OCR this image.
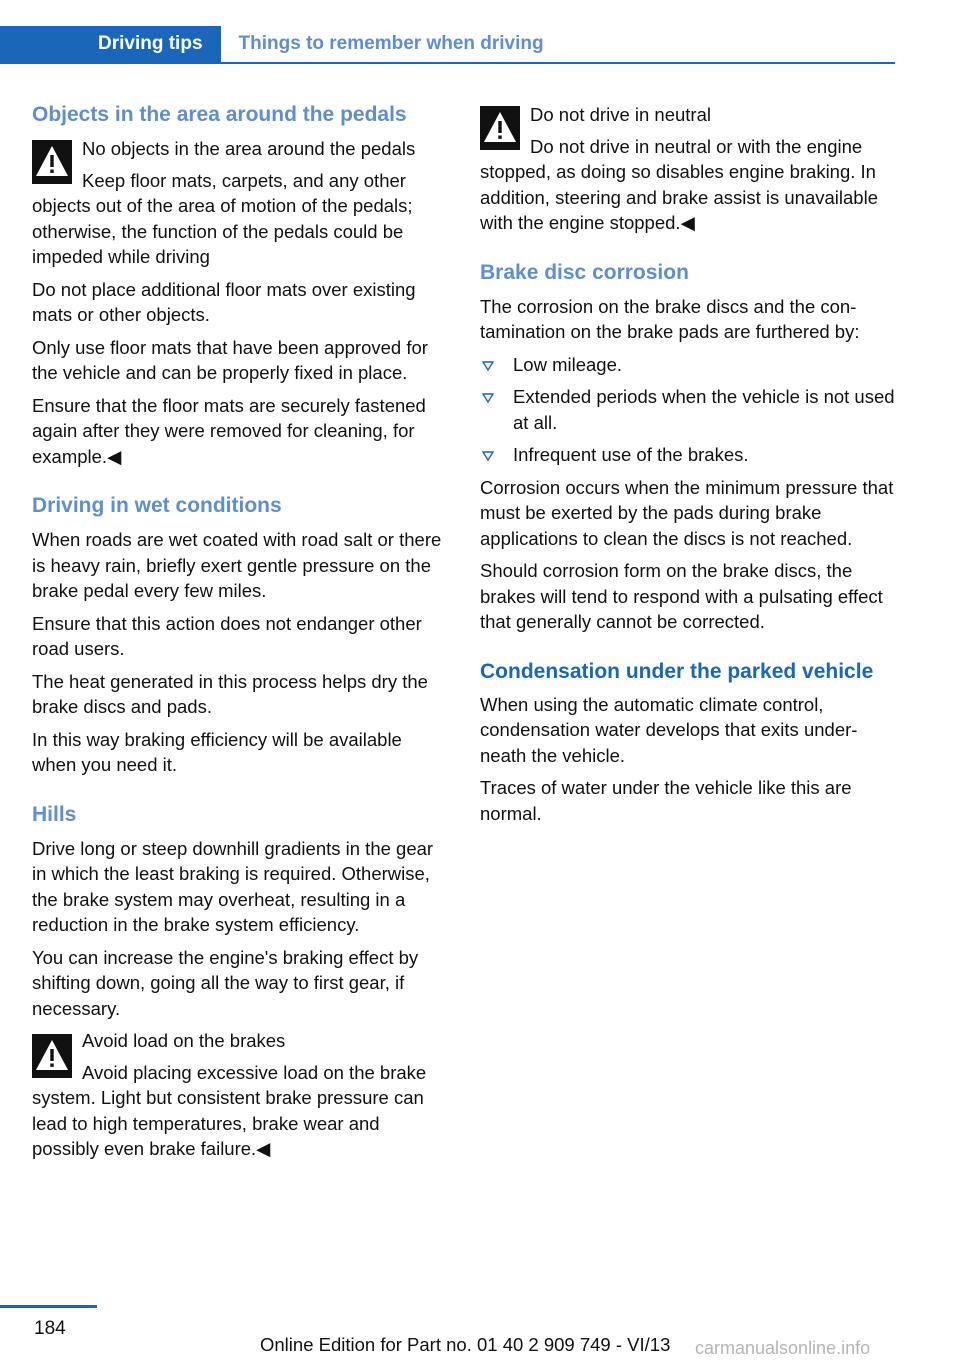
Driving tips	Things to remember when driving
Objects in the area around the pedals

No objects in the area around the pedals

Keep floor mats, carpets, and any other objects out of the area of motion of the pedals; otherwise, the function of the pedals could be impeded while driving

Do not place additional floor mats over existing mats or other objects.

Only use floor mats that have been approved for the vehicle and can be properly fixed in place.

Ensure that the floor mats are securely fastened again after they were removed for cleaning, for example.◀

Driving in wet conditions

When roads are wet coated with road salt or there is heavy rain, briefly exert gentle pressure on the brake pedal every few miles.

Ensure that this action does not endanger other road users.

The heat generated in this process helps dry the brake discs and pads.

In this way braking efficiency will be available when you need it.

Hills

Drive long or steep downhill gradients in the gear in which the least braking is required. Otherwise, the brake system may overheat, resulting in a reduction in the brake system efficiency.

You can increase the engine's braking effect by shifting down, going all the way to first gear, if necessary.

Avoid load on the brakes

Avoid placing excessive load on the brake system. Light but consistent brake pressure can lead to high temperatures, brake wear and possibly even brake failure.◀

Do not drive in neutral

Do not drive in neutral or with the engine stopped, as doing so disables engine braking. In addition, steering and brake assist is unavailable with the engine stopped.◀

Brake disc corrosion

The corrosion on the brake discs and the contamination on the brake pads are furthered by:

Low mileage.
Extended periods when the vehicle is not used at all.
Infrequent use of the brakes.

Corrosion occurs when the minimum pressure that must be exerted by the pads during brake applications to clean the discs is not reached.

Should corrosion form on the brake discs, the brakes will tend to respond with a pulsating effect that generally cannot be corrected.

Condensation under the parked vehicle

When using the automatic climate control, condensation water develops that exits underneath the vehicle.

Traces of water under the vehicle like this are normal.

184
Online Edition for Part no. 01 40 2 909 749 - VI/13 carmanualsonline.info
